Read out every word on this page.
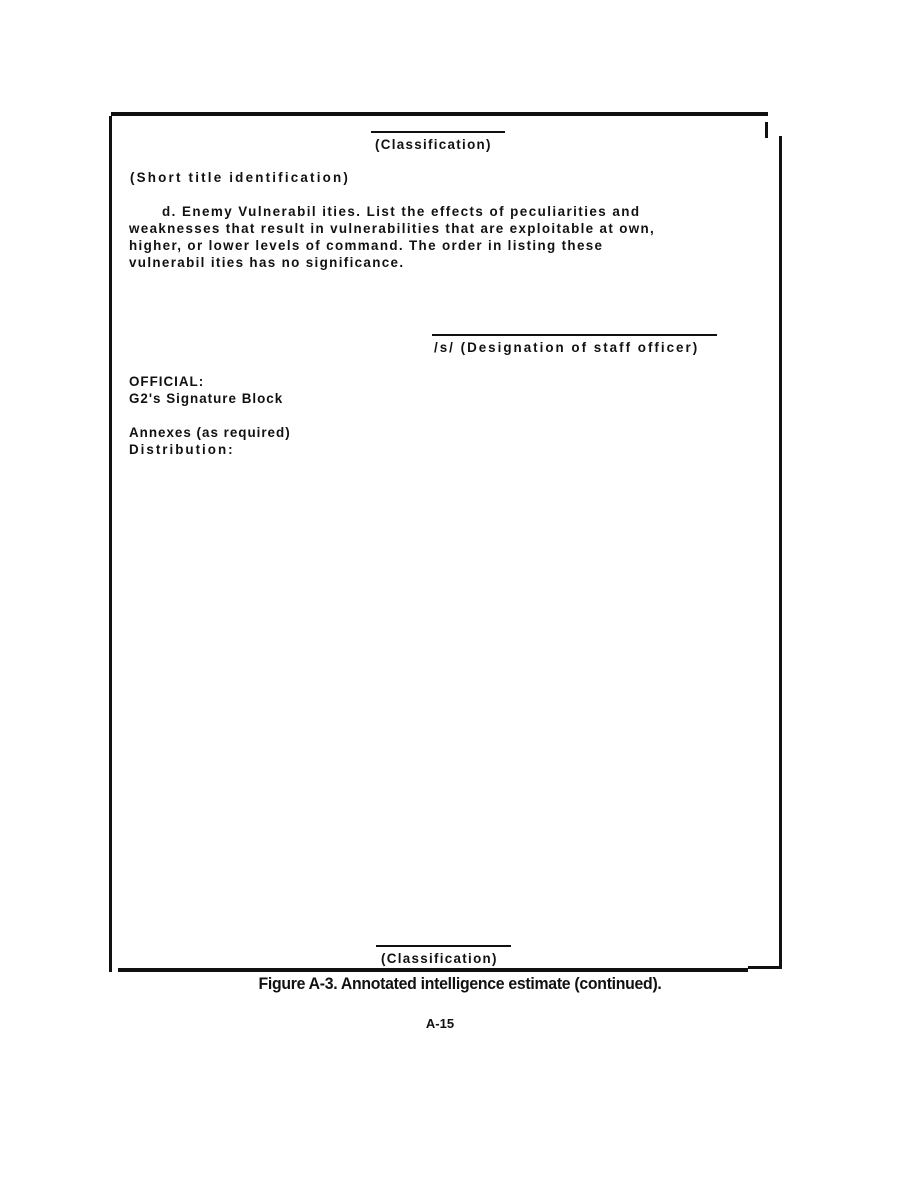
(Classification)
(Short title identification)
d. Enemy Vulnerabil ities. List the effects of peculiarities and
weaknesses that result in vulnerabilities that are exploitable at own,
higher, or lower levels of command. The order in listing these
vulnerabil ities has no significance.
/s/ (Designation of staff officer)
OFFICIAL:
G2's Signature Block
Annexes (as required)
Distribution:
(Classification)
Figure A-3. Annotated intelligence estimate (continued).
A-15
